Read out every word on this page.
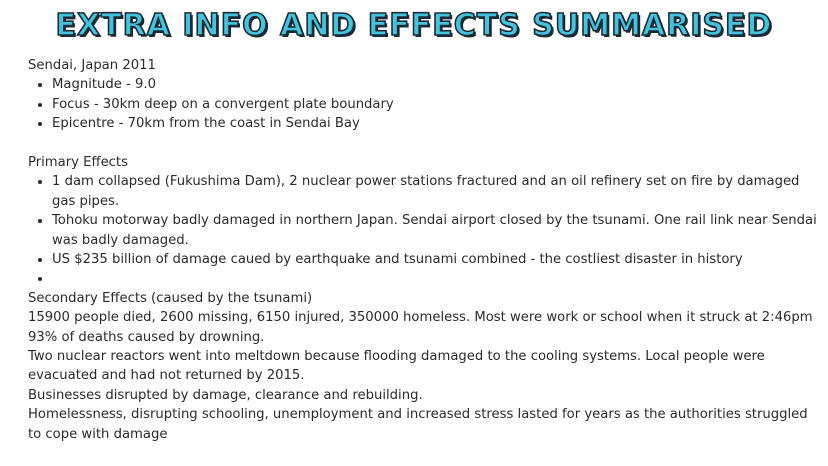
EXTRA INFO AND EFFECTS SUMMARISED

Sendai, Japan 2011

• Magnitude - 9.0
• Focus - 30km deep on a convergent plate boundary
• Epicentre - 70km from the coast in Sendai Bay

Primary Effects

• 1 dam collapsed (Fukushima Dam), 2 nuclear power stations fractured and an oil refinery set on fire by damaged gas pipes.
• Tohoku motorway badly damaged in northern Japan. Sendai airport closed by the tsunami. One rail link near Sendai was badly damaged.
• US $235 billion of damage caued by earthquake and tsunami combined - the costliest disaster in history
•

Secondary Effects (caused by the tsunami)

15900 people died, 2600 missing, 6150 injured, 350000 homeless. Most were work or school when it struck at 2:46pm

93% of deaths caused by drowning.

Two nuclear reactors went into meltdown because flooding damaged to the cooling systems. Local people were evacuated and had not returned by 2015.

Businesses disrupted by damage, clearance and rebuilding.

Homelessness, disrupting schooling, unemployment and increased stress lasted for years as the authorities struggled to cope with damage
